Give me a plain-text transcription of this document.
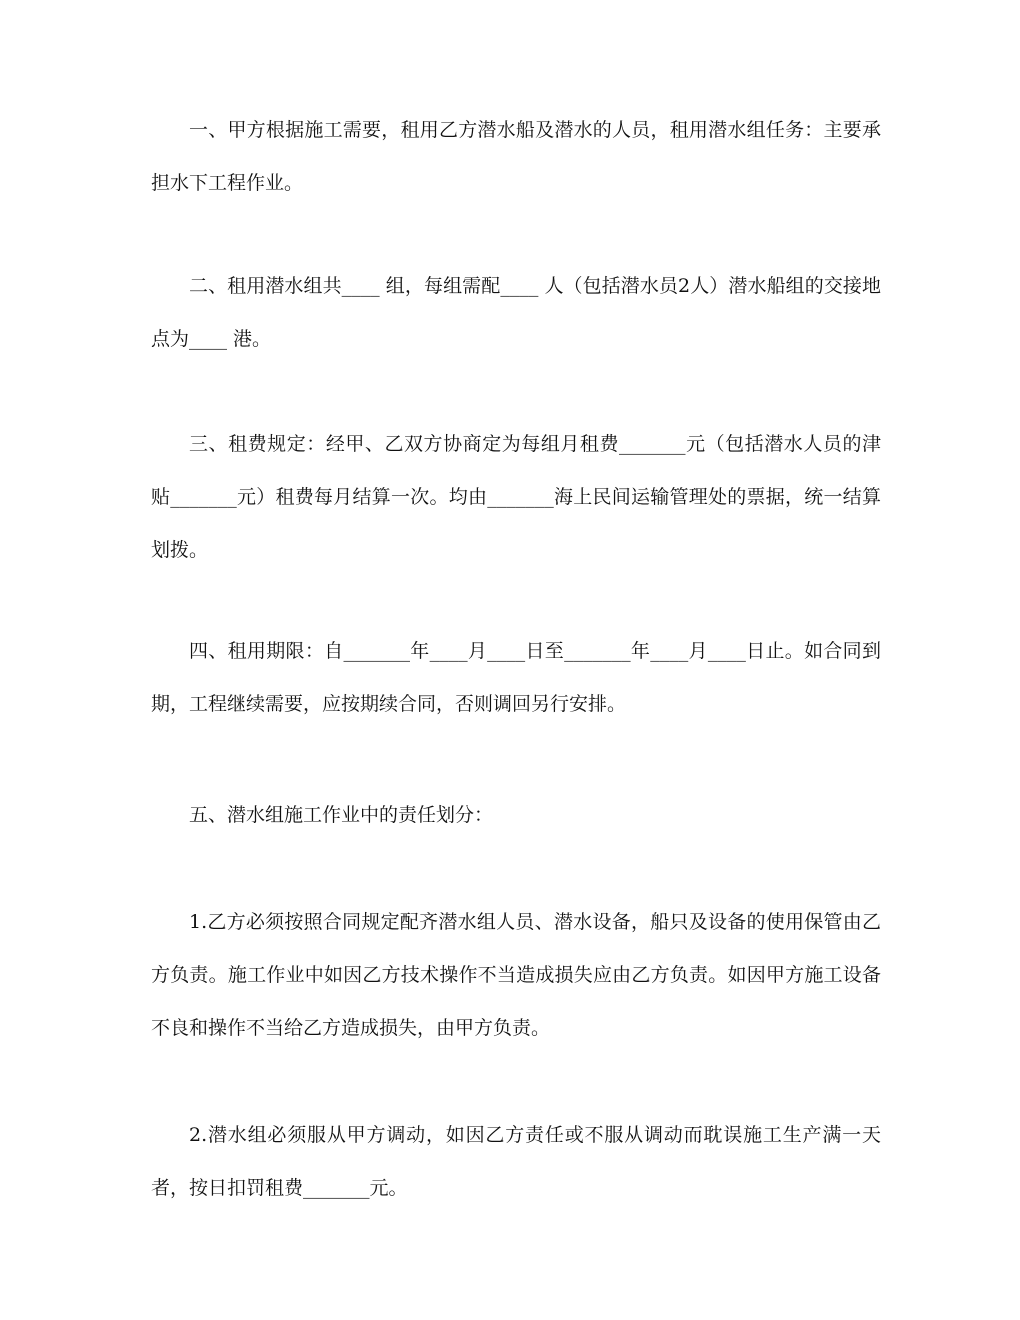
一、甲方根据施工需要，租用乙方潜水船及潜水的人员，租用潜水组任务：主要承担水下工程作业。

二、租用潜水组共____ 组，每组需配____ 人（包括潜水员2人）潜水船组的交接地点为____ 港。

三、租费规定：经甲、乙双方协商定为每组月租费_______元（包括潜水人员的津贴_______元）租费每月结算一次。均由_______海上民间运输管理处的票据，统一结算划拨。

四、租用期限：自_______年____月____日至_______年____月____日止。如合同到期，工程继续需要，应按期续合同，否则调回另行安排。

五、潜水组施工作业中的责任划分：

1.乙方必须按照合同规定配齐潜水组人员、潜水设备，船只及设备的使用保管由乙方负责。施工作业中如因乙方技术操作不当造成损失应由乙方负责。如因甲方施工设备不良和操作不当给乙方造成损失，由甲方负责。

2.潜水组必须服从甲方调动，如因乙方责任或不服从调动而耽误施工生产满一天者，按日扣罚租费_______元。
